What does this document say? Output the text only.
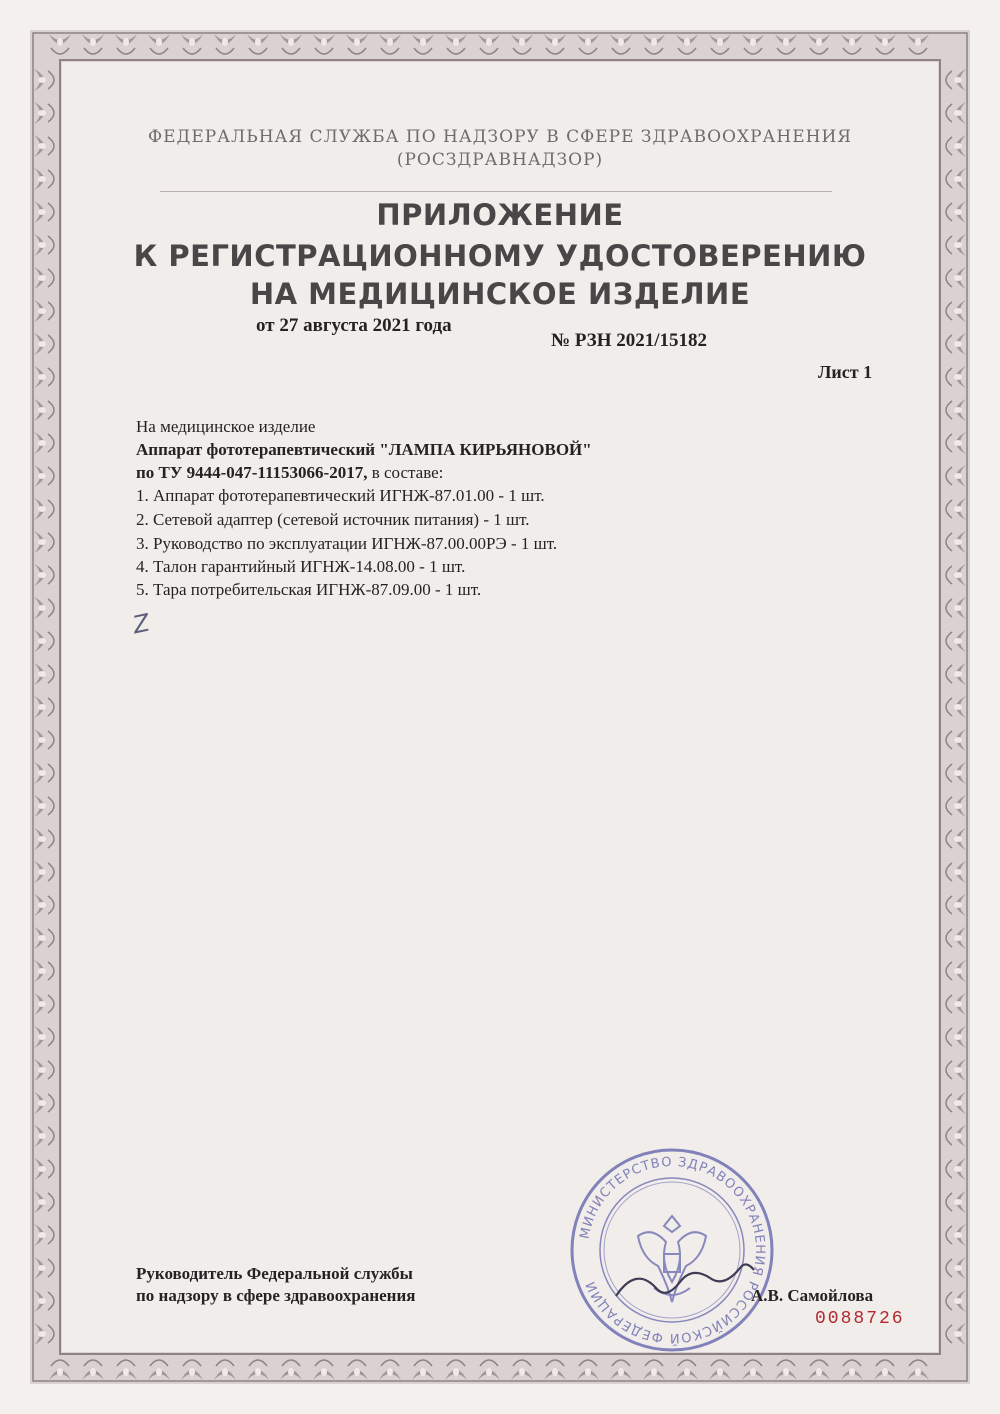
ФЕДЕРАЛЬНАЯ СЛУЖБА ПО НАДЗОРУ В СФЕРЕ ЗДРАВООХРАНЕНИЯ
(РОСЗДРАВНАДЗОР)
ПРИЛОЖЕНИЕ
К РЕГИСТРАЦИОННОМУ УДОСТОВЕРЕНИЮ
НА МЕДИЦИНСКОЕ ИЗДЕЛИЕ
от 27 августа 2021 года
№ РЗН 2021/15182
Лист 1
На медицинское изделие
Аппарат фототерапевтический "ЛАМПА КИРЬЯНОВОЙ"
по ТУ 9444-047-11153066-2017, в составе:
1. Аппарат фототерапевтический ИГНЖ-87.01.00 - 1 шт.
2. Сетевой адаптер (сетевой источник питания) - 1 шт.
3. Руководство по эксплуатации ИГНЖ-87.00.00РЭ - 1 шт.
4. Талон гарантийный ИГНЖ-14.08.00 - 1 шт.
5. Тара потребительская ИГНЖ-87.09.00 - 1 шт.
Z
Руководитель Федеральной службы
по надзору в сфере здравоохранения
МИНИСТЕРСТВО ЗДРАВООХРАНЕНИЯ РОССИЙСКОЙ ФЕДЕРАЦИИ	А.В. Самойлова
0088726
